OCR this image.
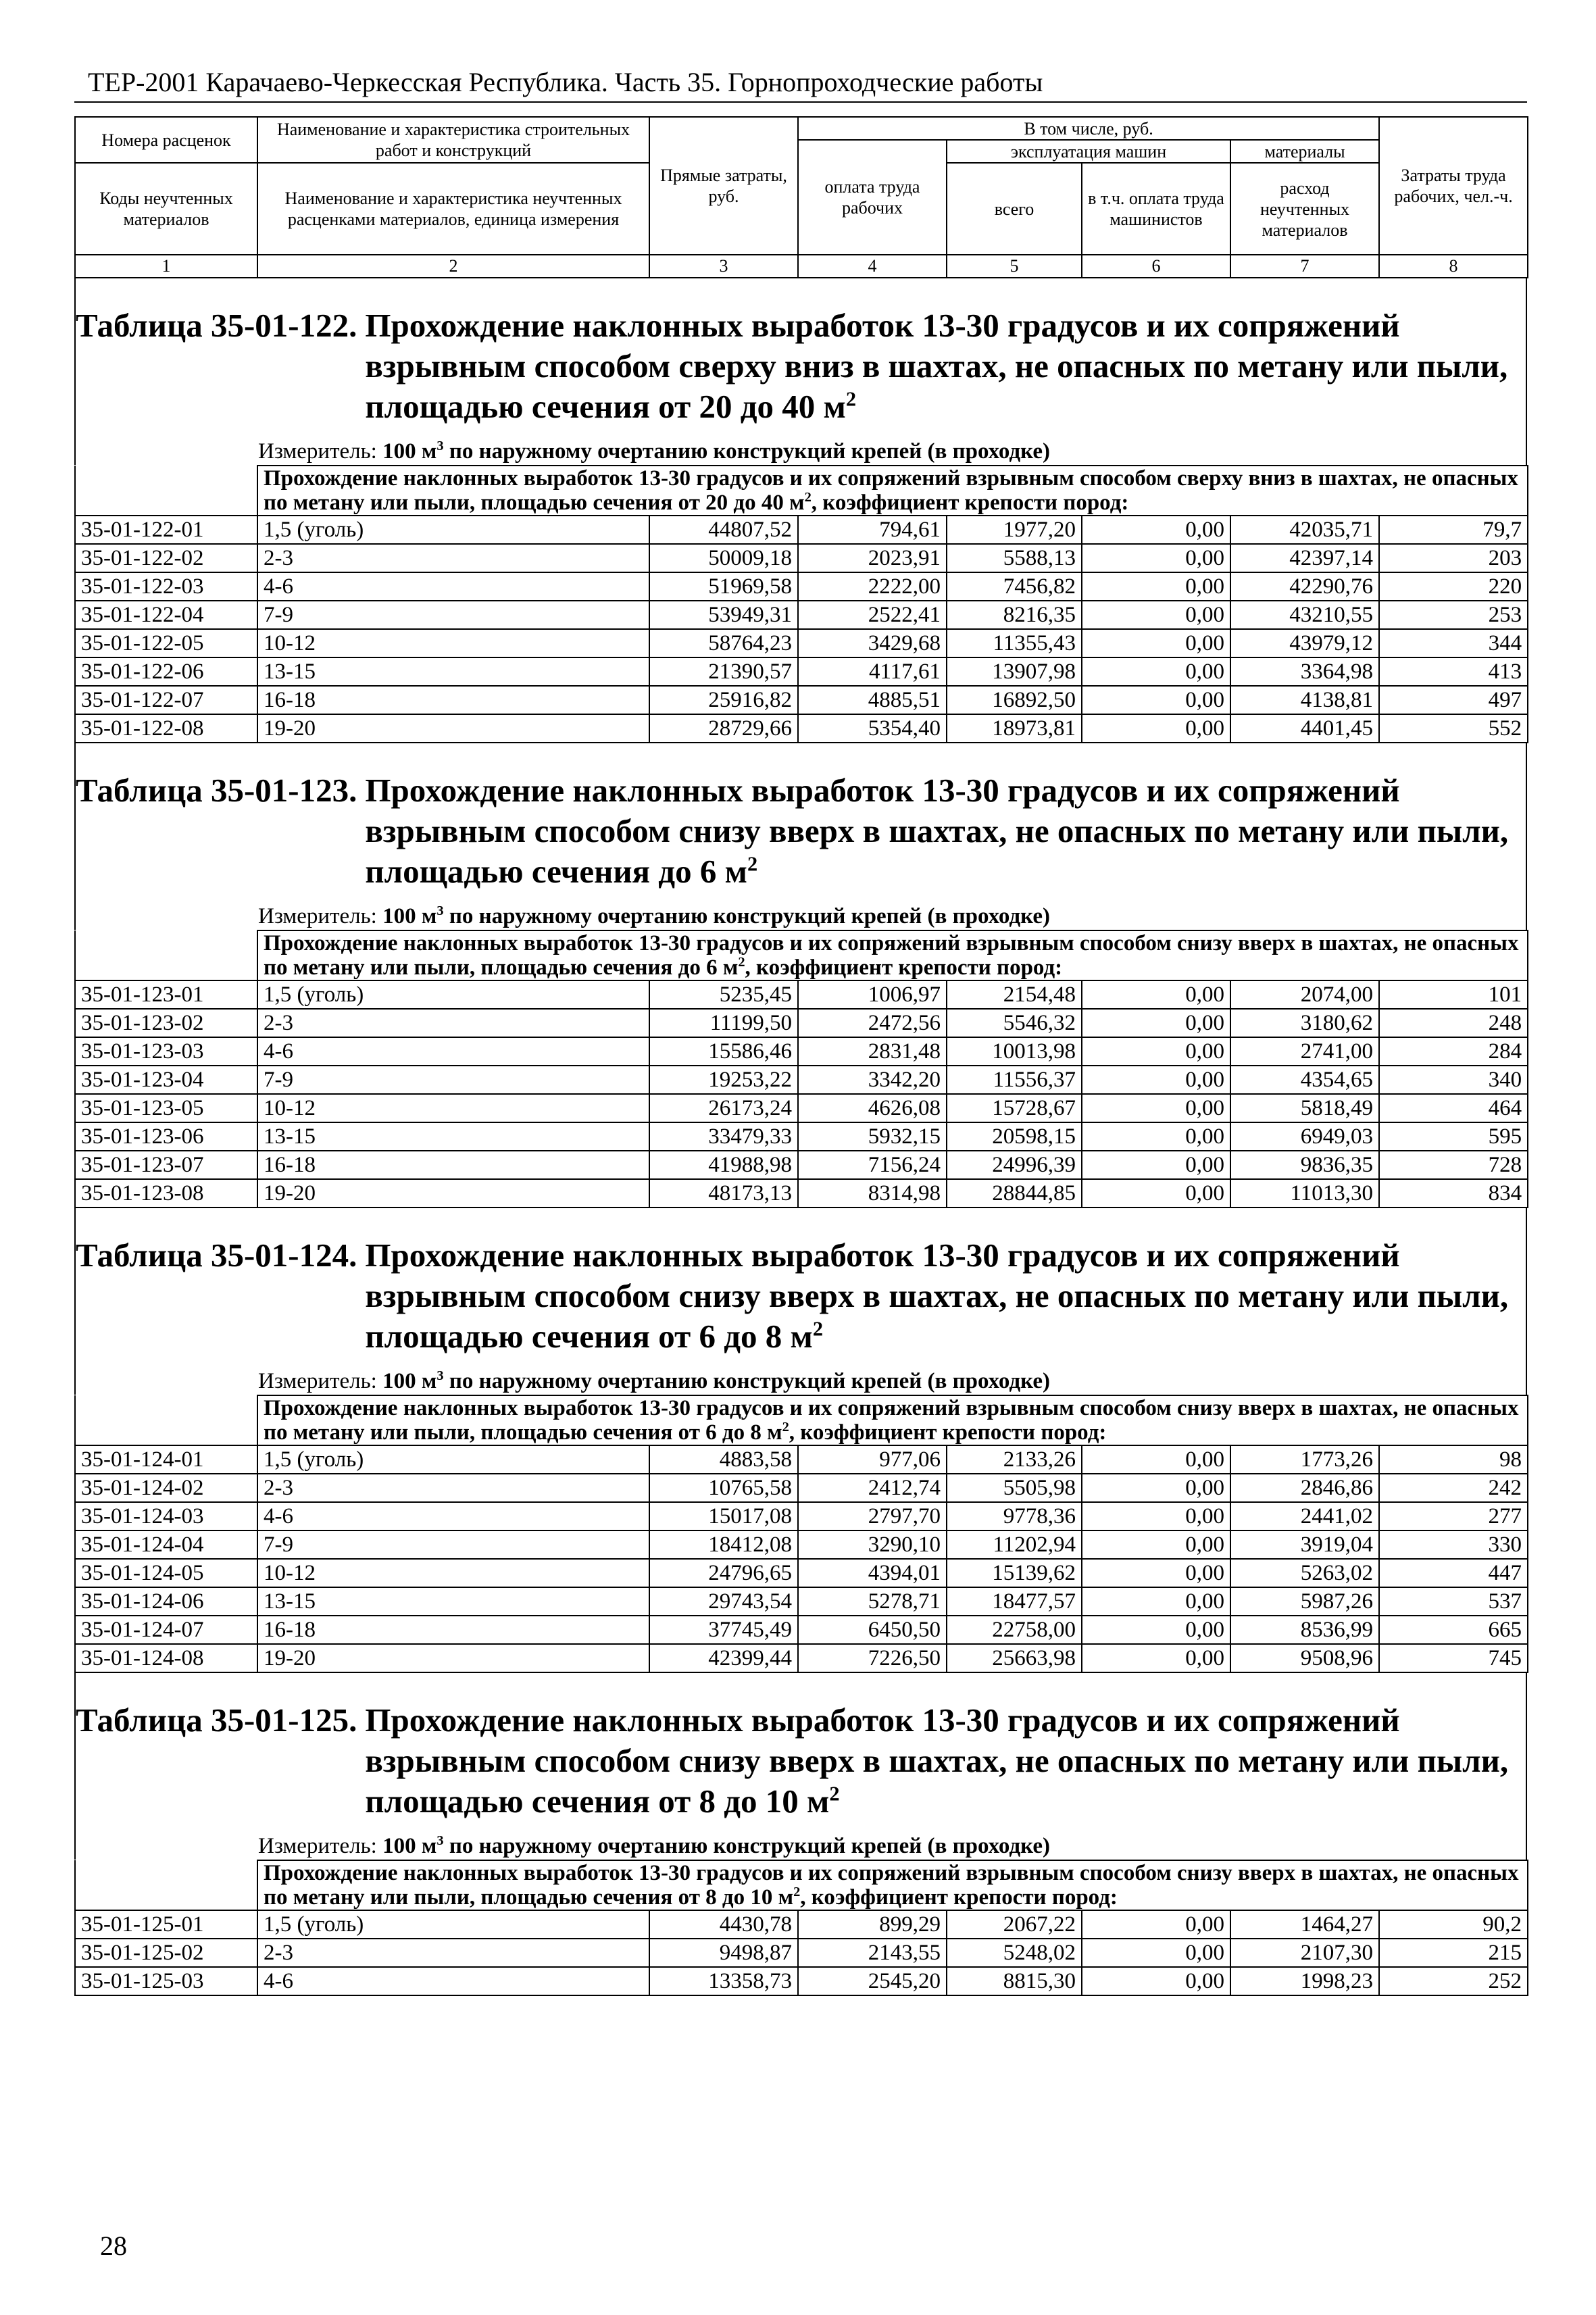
ТЕР-2001 Карачаево-Черкесская Республика. Часть 35. Горнопроходческие работы
Номера расценок	Наименование и характеристика строительных работ и конструкций	Прямые затраты, руб.	В том числе, руб.				Затраты труда рабочих, чел.-ч.
			оплата труда рабочих	эксплуатация машин		материалы	
Коды неучтенных материалов	Наименование и характеристика неучтенных расценками материалов, единица измерения			всего	в т.ч. оплата труда машинистов	расход неучтенных материалов	

1	2	3	4	5	6	7	8
Таблица 35-01-122. Прохождение наклонных выработок 13-30 градусов и их сопряжений взрывным способом сверху вниз в шахтах, не опасных по метану или пыли, площадью сечения от 20 до 40 $м^2$
Измеритель: 100 $м^3$ по наружному очертанию конструкций крепей (в проходке)
	Прохождение наклонных выработок 13-30 градусов и их сопряжений взрывным способом сверху вниз в шахтах, не опасных по метану или пыли, площадью сечения от 20 до 40 $м^2$, коэффициент крепости пород:						
35-01-122-01	1,5 (уголь)	44807,52	794,61	1977,20	0,00	42035,71	79,7
35-01-122-02	2-3	50009,18	2023,91	5588,13	0,00	42397,14	203
35-01-122-03	4-6	51969,58	2222,00	7456,82	0,00	42290,76	220
35-01-122-04	7-9	53949,31	2522,41	8216,35	0,00	43210,55	253
35-01-122-05	10-12	58764,23	3429,68	11355,43	0,00	43979,12	344
35-01-122-06	13-15	21390,57	4117,61	13907,98	0,00	3364,98	413
35-01-122-07	16-18	25916,82	4885,51	16892,50	0,00	4138,81	497
35-01-122-08	19-20	28729,66	5354,40	18973,81	0,00	4401,45	552
Таблица 35-01-123. Прохождение наклонных выработок 13-30 градусов и их сопряжений взрывным способом снизу вверх в шахтах, не опасных по метану или пыли, площадью сечения до 6 $м^2$
Измеритель: 100 $м^3$ по наружному очертанию конструкций крепей (в проходке)
	Прохождение наклонных выработок 13-30 градусов и их сопряжений взрывным способом снизу вверх в шахтах, не опасных по метану или пыли, площадью сечения до 6 $м^2$, коэффициент крепости пород:						
35-01-123-01	1,5 (уголь)	5235,45	1006,97	2154,48	0,00	2074,00	101
35-01-123-02	2-3	11199,50	2472,56	5546,32	0,00	3180,62	248
35-01-123-03	4-6	15586,46	2831,48	10013,98	0,00	2741,00	284
35-01-123-04	7-9	19253,22	3342,20	11556,37	0,00	4354,65	340
35-01-123-05	10-12	26173,24	4626,08	15728,67	0,00	5818,49	464
35-01-123-06	13-15	33479,33	5932,15	20598,15	0,00	6949,03	595
35-01-123-07	16-18	41988,98	7156,24	24996,39	0,00	9836,35	728
35-01-123-08	19-20	48173,13	8314,98	28844,85	0,00	11013,30	834
Таблица 35-01-124. Прохождение наклонных выработок 13-30 градусов и их сопряжений взрывным способом снизу вверх в шахтах, не опасных по метану или пыли, площадью сечения от 6 до 8 $м^2$
Измеритель: 100 $м^3$ по наружному очертанию конструкций крепей (в проходке)
	Прохождение наклонных выработок 13-30 градусов и их сопряжений взрывным способом снизу вверх в шахтах, не опасных по метану или пыли, площадью сечения от 6 до 8 $м^2$, коэффициент крепости пород:						
35-01-124-01	1,5 (уголь)	4883,58	977,06	2133,26	0,00	1773,26	98
35-01-124-02	2-3	10765,58	2412,74	5505,98	0,00	2846,86	242
35-01-124-03	4-6	15017,08	2797,70	9778,36	0,00	2441,02	277
35-01-124-04	7-9	18412,08	3290,10	11202,94	0,00	3919,04	330
35-01-124-05	10-12	24796,65	4394,01	15139,62	0,00	5263,02	447
35-01-124-06	13-15	29743,54	5278,71	18477,57	0,00	5987,26	537
35-01-124-07	16-18	37745,49	6450,50	22758,00	0,00	8536,99	665
35-01-124-08	19-20	42399,44	7226,50	25663,98	0,00	9508,96	745
Таблица 35-01-125. Прохождение наклонных выработок 13-30 градусов и их сопряжений взрывным способом снизу вверх в шахтах, не опасных по метану или пыли, площадью сечения от 8 до 10 $м^2$
Измеритель: 100 $м^3$ по наружному очертанию конструкций крепей (в проходке)
	Прохождение наклонных выработок 13-30 градусов и их сопряжений взрывным способом снизу вверх в шахтах, не опасных по метану или пыли, площадью сечения от 8 до 10 $м^2$, коэффициент крепости пород:						
35-01-125-01	1,5 (уголь)	4430,78	899,29	2067,22	0,00	1464,27	90,2
35-01-125-02	2-3	9498,87	2143,55	5248,02	0,00	2107,30	215
35-01-125-03	4-6	13358,73	2545,20	8815,30	0,00	1998,23	252
28
